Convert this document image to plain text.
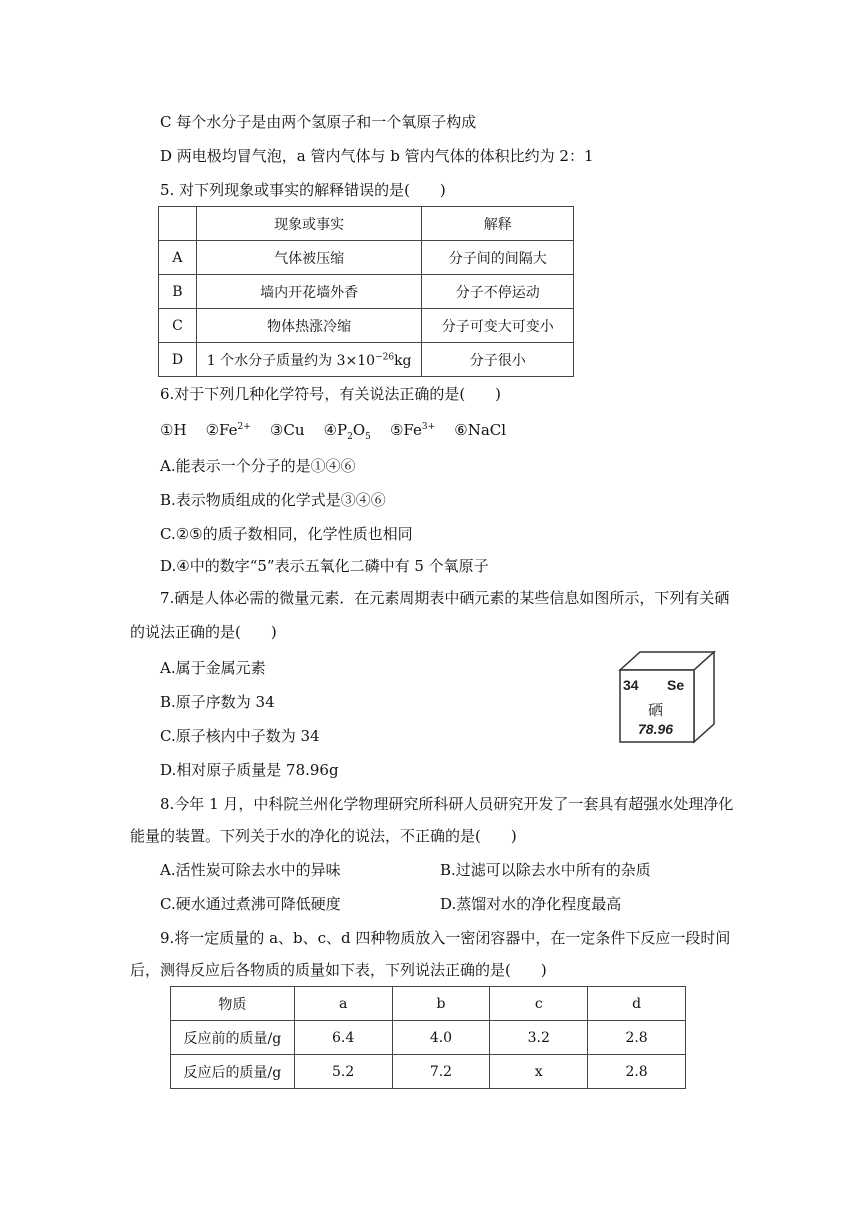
C 每个水分子是由两个氢原子和一个氧原子构成
D 两电极均冒气泡，a 管内气体与 b 管内气体的体积比约为 2：1
5. 对下列现象或事实的解释错误的是(　　)
	现象或事实	解释
A	气体被压缩	分子间的间隔大
B	墙内开花墙外香	分子不停运动
C	物体热涨冷缩	分子可变大可变小
D	1 个水分子质量约为 $3\times 10^{-26}kg$	分子很小
6.对于下列几种化学符号，有关说法正确的是(　　)
①H $②Fe^{2+}$ ③Cu $④P_2O_5$ $⑤Fe^{3+}$ ⑥NaCl
A.能表示一个分子的是①④⑥
B.表示物质组成的化学式是③④⑥
C.②⑤的质子数相同，化学性质也相同
D.④中的数字“5”表示五氧化二磷中有 5 个氧原子
7.硒是人体必需的微量元素．在元素周期表中硒元素的某些信息如图所示，下列有关硒
的说法正确的是(　　)
A.属于金属元素
B.原子序数为 34
C.原子核内中子数为 34
D.相对原子质量是 78.96g
34 Se
硒
78.96
8.今年 1 月，中科院兰州化学物理研究所科研人员研究开发了一套具有超强水处理净化
能量的装置。下列关于水的净化的说法，不正确的是(　　)
A.活性炭可除去水中的异味	B.过滤可以除去水中所有的杂质
C.硬水通过煮沸可降低硬度	D.蒸馏对水的净化程度最高
9.将一定质量的 a、b、c、d 四种物质放入一密闭容器中，在一定条件下反应一段时间
后，测得反应后各物质的质量如下表，下列说法正确的是(　　)
物质	a	b	c	d
反应前的质量/g	6.4	4.0	3.2	2.8
反应后的质量/g	5.2	7.2	x	2.8
